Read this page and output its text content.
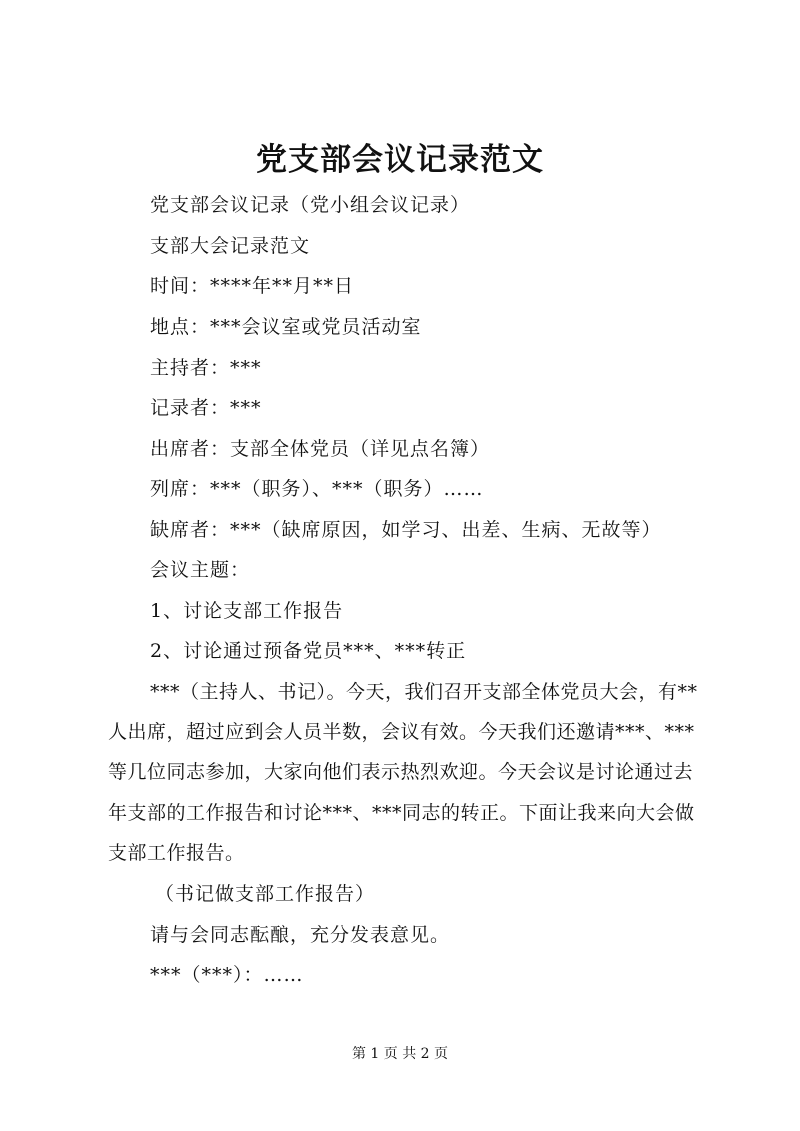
党支部会议记录范文
党支部会议记录（党小组会议记录）
支部大会记录范文
时间：****年**月**日
地点：***会议室或党员活动室
主持者：***
记录者：***
出席者：支部全体党员（详见点名簿）
列席：***（职务）、***（职务）……
缺席者：***（缺席原因，如学习、出差、生病、无故等）
会议主题：
1、讨论支部工作报告
2、讨论通过预备党员***、***转正
***（主持人、书记）。今天，我们召开支部全体党员大会，有**人出席，超过应到会人员半数，会议有效。今天我们还邀请***、***等几位同志参加，大家向他们表示热烈欢迎。今天会议是讨论通过去年支部的工作报告和讨论***、***同志的转正。下面让我来向大会做支部工作报告。
（书记做支部工作报告）
请与会同志酝酿，充分发表意见。
***（***）：……
第 1 页 共 2 页
